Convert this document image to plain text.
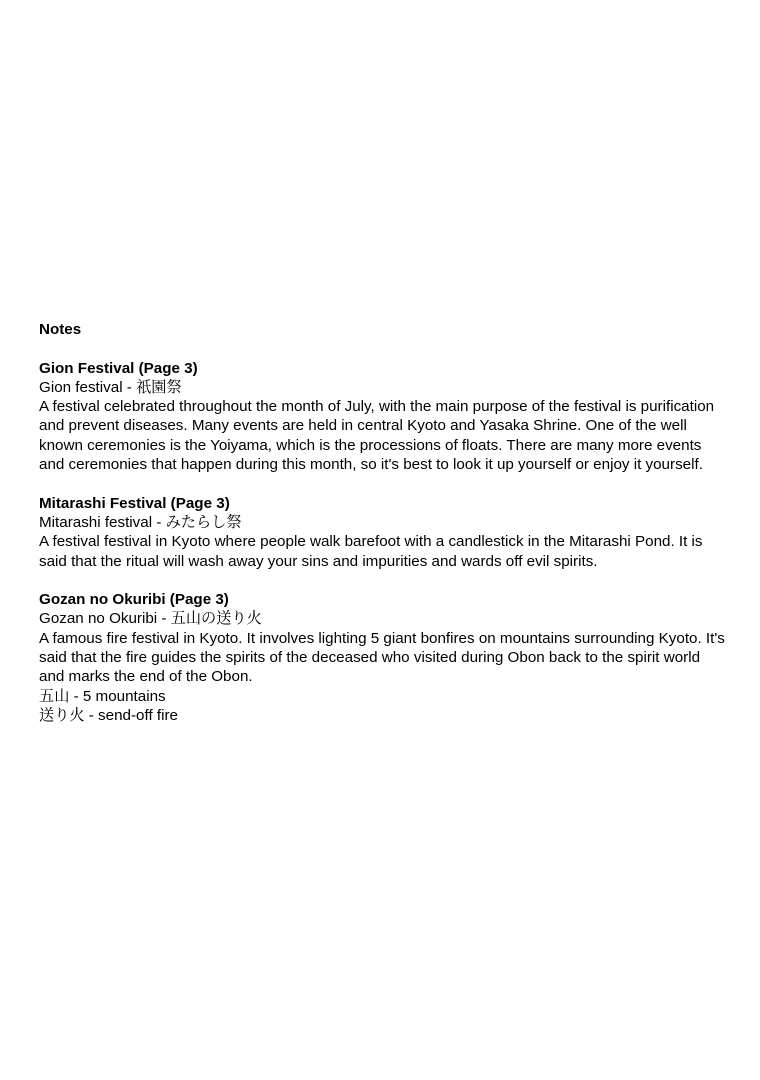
Notes

Gion Festival (Page 3)

Gion festival - 祇園祭

A festival celebrated throughout the month of July, with the main purpose of the festival is purification and prevent diseases. Many events are held in central Kyoto and Yasaka Shrine. One of the well known ceremonies is the Yoiyama, which is the processions of floats. There are many more events and ceremonies that happen during this month, so it's best to look it up yourself or enjoy it yourself.

Mitarashi Festival (Page 3)

Mitarashi festival - みたらし祭

A festival festival in Kyoto where people walk barefoot with a candlestick in the Mitarashi Pond. It is said that the ritual will wash away your sins and impurities and wards off evil spirits.

Gozan no Okuribi (Page 3)

Gozan no Okuribi - 五山の送り火

A famous fire festival in Kyoto. It involves lighting 5 giant bonfires on mountains surrounding Kyoto. It's said that the fire guides the spirits of the deceased who visited during Obon back to the spirit world and marks the end of the Obon.

五山 - 5 mountains

送り火 - send-off fire
